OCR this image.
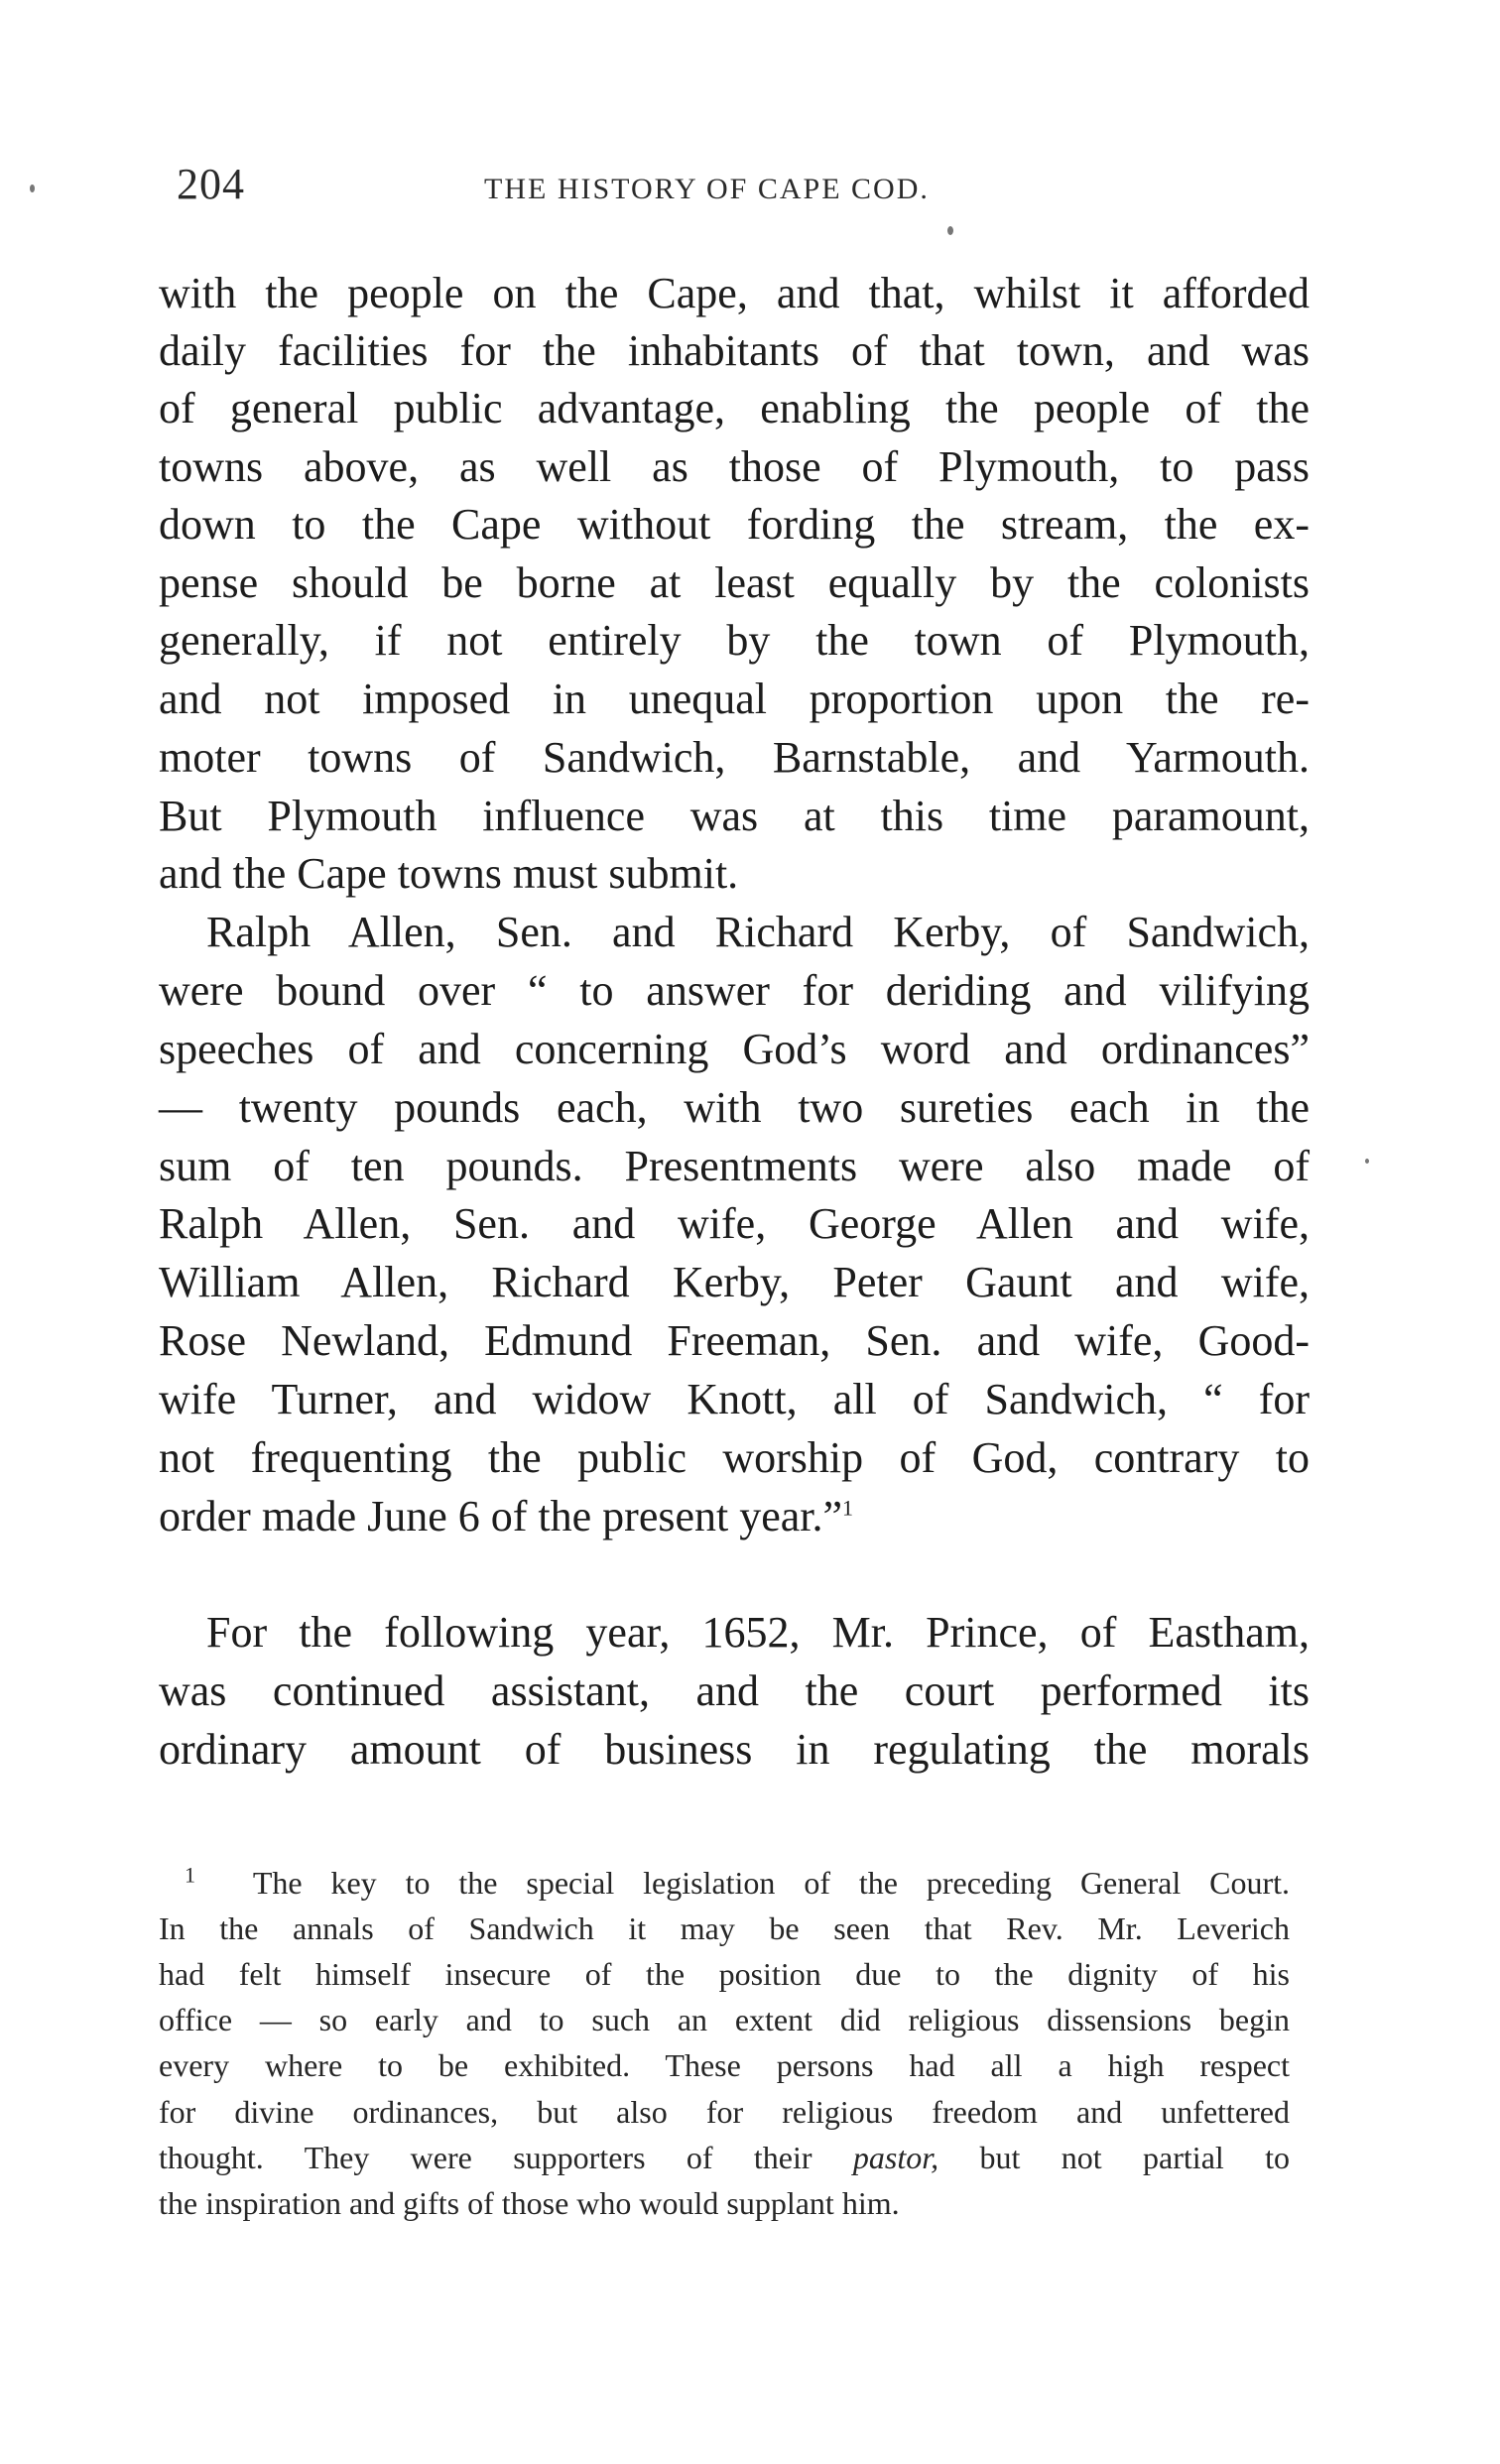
204	THE HISTORY OF CAPE COD.
with the people on the Cape, and that, whilst it afforded
daily facilities for the inhabitants of that town, and was
of general public advantage, enabling the people of the
towns above, as well as those of Plymouth, to pass
down to the Cape without fording the stream, the ex-
pense should be borne at least equally by the colonists
generally, if not entirely by the town of Plymouth,
and not imposed in unequal proportion upon the re-
moter towns of Sandwich, Barnstable, and Yarmouth.
But Plymouth influence was at this time paramount,
and the Cape towns must submit.
Ralph Allen, Sen. and Richard Kerby, of Sandwich,
were bound over “ to answer for deriding and vilifying
speeches of and concerning God’s word and ordinances”
— twenty pounds each, with two sureties each in the
sum of ten pounds. Presentments were also made of
Ralph Allen, Sen. and wife, George Allen and wife,
William Allen, Richard Kerby, Peter Gaunt and wife,
Rose Newland, Edmund Freeman, Sen. and wife, Good-
wife Turner, and widow Knott, all of Sandwich, “ for
not frequenting the public worship of God, contrary to
order made June 6 of the present year.”$^1$
For the following year, 1652, Mr. Prince, of Eastham,
was continued assistant, and the court performed its
ordinary amount of business in regulating the morals
$^1$ The key to the special legislation of the preceding General Court.
In the annals of Sandwich it may be seen that Rev. Mr. Leverich
had felt himself insecure of the position due to the dignity of his
office — so early and to such an extent did religious dissensions begin
every where to be exhibited. These persons had all a high respect
for divine ordinances, but also for religious freedom and unfettered
thought. They were supporters of their pastor, but not partial to
the inspiration and gifts of those who would supplant him.
